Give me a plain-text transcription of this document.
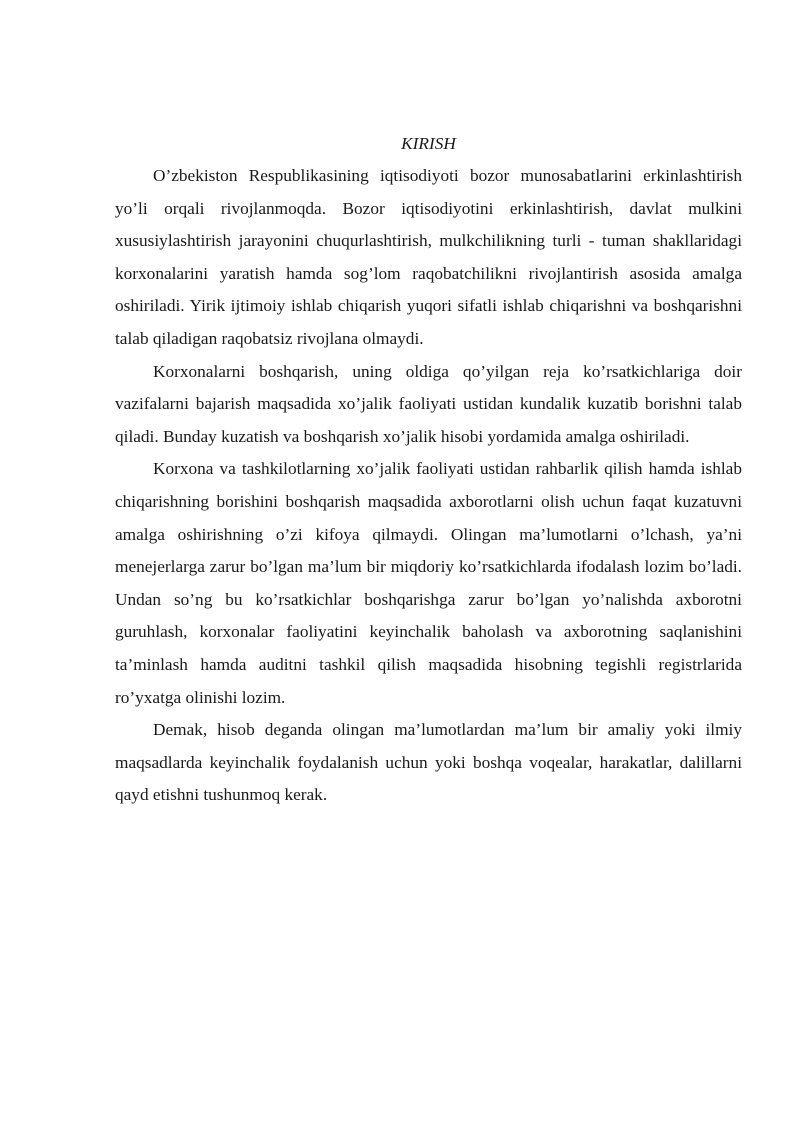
KIRISH

O’zbekiston Respublikasining iqtisodiyoti bozor munosabatlarini erkinlashtirish yo’li orqali rivojlanmoqda. Bozor iqtisodiyotini erkinlashtirish, davlat mulkini xususiylashtirish jarayonini chuqurlashtirish, mulkchilikning turli - tuman shakllaridagi korxonalarini yaratish hamda sog’lom raqobatchilikni rivojlantirish asosida amalga oshiriladi. Yirik ijtimoiy ishlab chiqarish yuqori sifatli ishlab chiqarishni va boshqarishni talab qiladigan raqobatsiz rivojlana olmaydi.

Korxonalarni boshqarish, uning oldiga qo’yilgan reja ko’rsatkichlariga doir vazifalarni bajarish maqsadida xo’jalik faoliyati ustidan kundalik kuzatib borishni talab qiladi. Bunday kuzatish va boshqarish xo’jalik hisobi yordamida amalga oshiriladi.

Korxona va tashkilotlarning xo’jalik faoliyati ustidan rahbarlik qilish hamda ishlab chiqarishning borishini boshqarish maqsadida axborotlarni olish uchun faqat kuzatuvni amalga oshirishning o’zi kifoya qilmaydi. Olingan ma’lumotlarni o’lchash, ya’ni menejerlarga zarur bo’lgan ma’lum bir miqdoriy ko’rsatkichlarda ifodalash lozim bo’ladi. Undan so’ng bu ko’rsatkichlar boshqarishga zarur bo’lgan yo’nalishda axborotni guruhlash, korxonalar faoliyatini keyinchalik baholash va axborotning saqlanishini ta’minlash hamda auditni tashkil qilish maqsadida hisobning tegishli registrlarida ro’yxatga olinishi lozim.

Demak, hisob deganda olingan ma’lumotlardan ma’lum bir amaliy yoki ilmiy maqsadlarda keyinchalik foydalanish uchun yoki boshqa voqealar, harakatlar, dalillarni qayd etishni tushunmoq kerak.
